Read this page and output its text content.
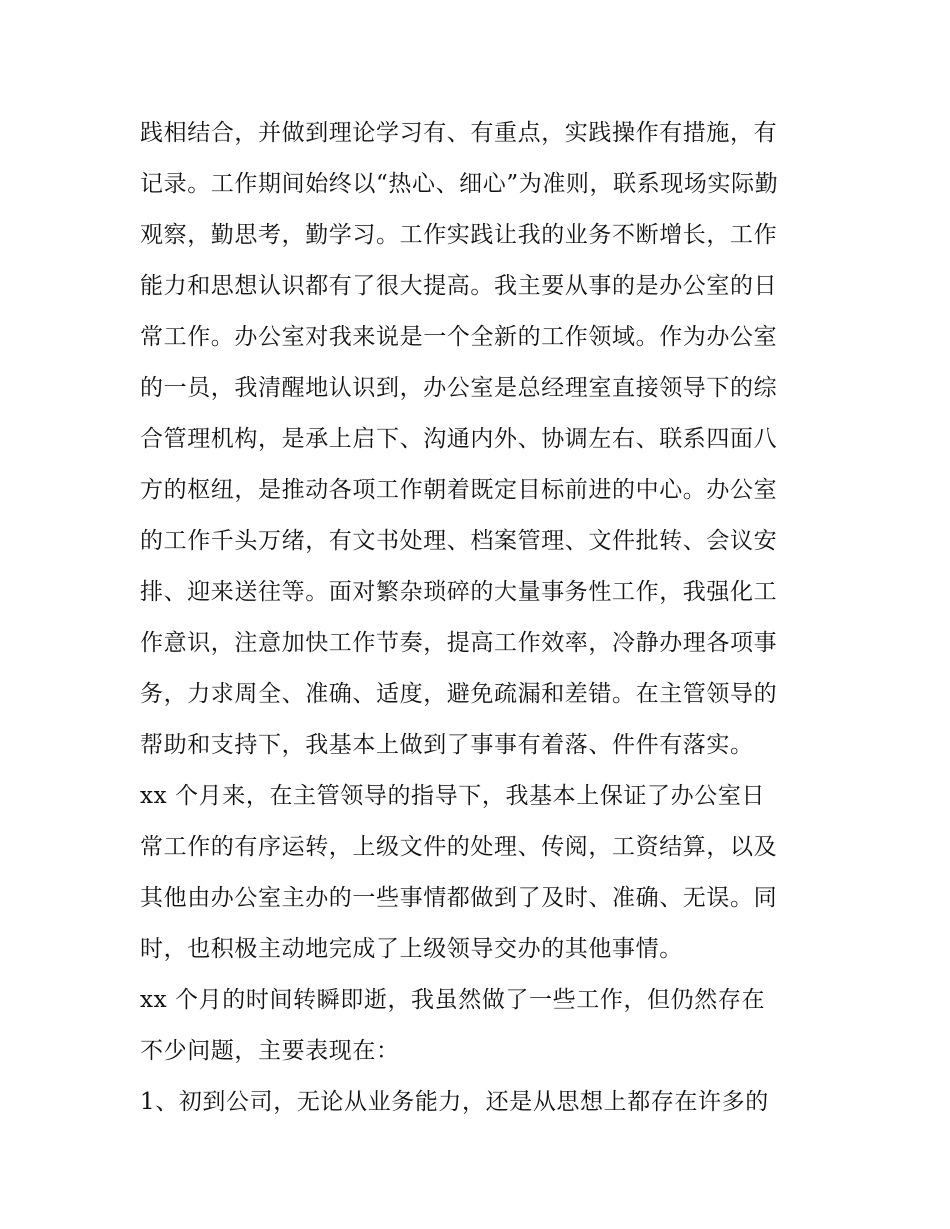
践相结合，并做到理论学习有、有重点，实践操作有措施，有
记录。工作期间始终以“热心、细心”为准则，联系现场实际勤
观察，勤思考，勤学习。工作实践让我的业务不断增长，工作
能力和思想认识都有了很大提高。我主要从事的是办公室的日
常工作。办公室对我来说是一个全新的工作领域。作为办公室
的一员，我清醒地认识到，办公室是总经理室直接领导下的综
合管理机构，是承上启下、沟通内外、协调左右、联系四面八
方的枢纽，是推动各项工作朝着既定目标前进的中心。办公室
的工作千头万绪，有文书处理、档案管理、文件批转、会议安
排、迎来送往等。面对繁杂琐碎的大量事务性工作，我强化工
作意识，注意加快工作节奏，提高工作效率，冷静办理各项事
务，力求周全、准确、适度，避免疏漏和差错。在主管领导的
帮助和支持下，我基本上做到了事事有着落、件件有落实。
xx 个月来，在主管领导的指导下，我基本上保证了办公室日
常工作的有序运转，上级文件的处理、传阅，工资结算，以及
其他由办公室主办的一些事情都做到了及时、准确、无误。同
时，也积极主动地完成了上级领导交办的其他事情。
xx 个月的时间转瞬即逝，我虽然做了一些工作，但仍然存在
不少问题，主要表现在：
1、初到公司，无论从业务能力，还是从思想上都存在许多的
